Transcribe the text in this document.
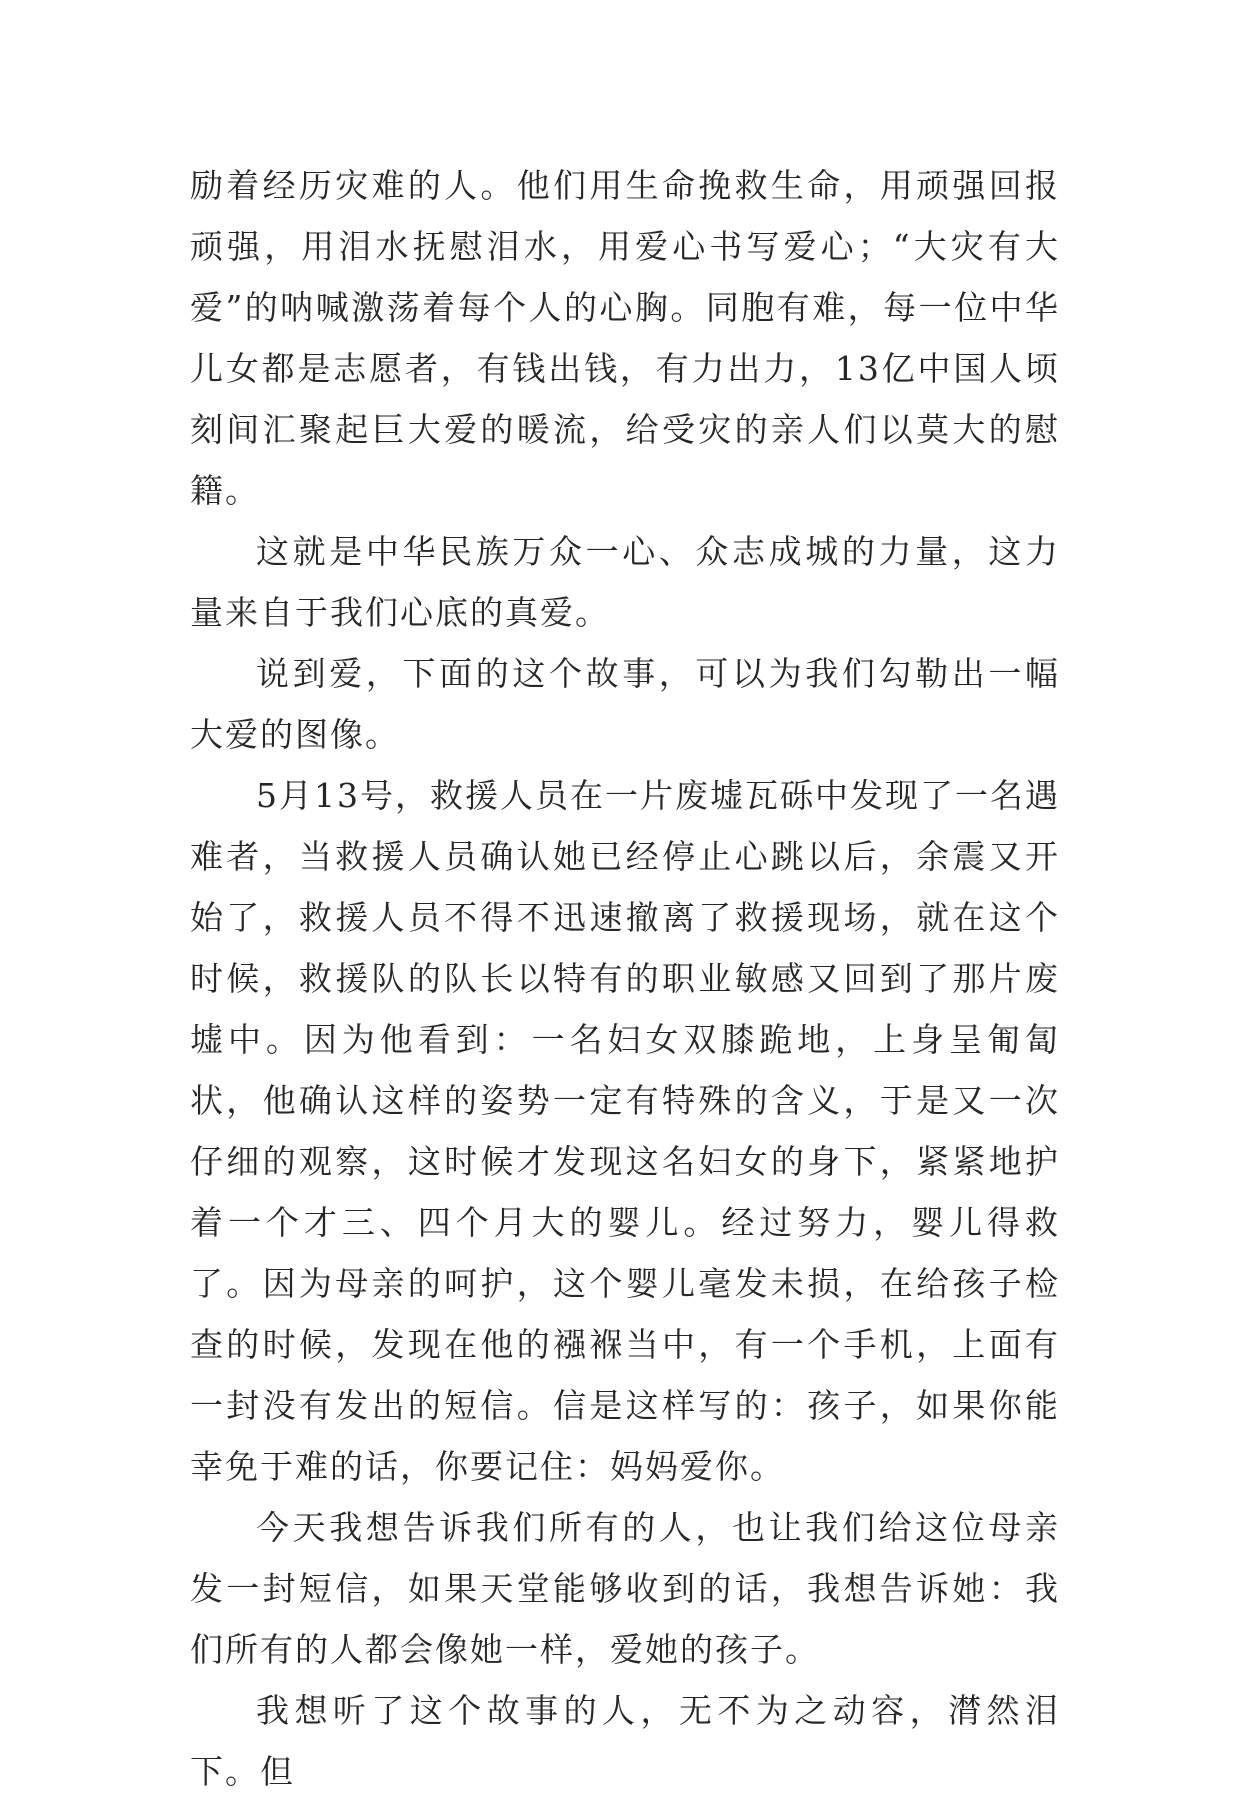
励着经历灾难的人。他们用生命挽救生命，用顽强回报顽强，用泪水抚慰泪水，用爱心书写爱心；“大灾有大爱”的呐喊激荡着每个人的心胸。同胞有难，每一位中华儿女都是志愿者，有钱出钱，有力出力，13亿中国人顷刻间汇聚起巨大爱的暖流，给受灾的亲人们以莫大的慰籍。

这就是中华民族万众一心、众志成城的力量，这力量来自于我们心底的真爱。

说到爱，下面的这个故事，可以为我们勾勒出一幅大爱的图像。

5月13号，救援人员在一片废墟瓦砾中发现了一名遇难者，当救援人员确认她已经停止心跳以后，余震又开始了，救援人员不得不迅速撤离了救援现场，就在这个时候，救援队的队长以特有的职业敏感又回到了那片废墟中。因为他看到：一名妇女双膝跪地，上身呈匍匐状，他确认这样的姿势一定有特殊的含义，于是又一次仔细的观察，这时候才发现这名妇女的身下，紧紧地护着一个才三、四个月大的婴儿。经过努力，婴儿得救了。因为母亲的呵护，这个婴儿毫发未损，在给孩子检查的时候，发现在他的襁褓当中，有一个手机，上面有一封没有发出的短信。信是这样写的：孩子，如果你能幸免于难的话，你要记住：妈妈爱你。

今天我想告诉我们所有的人，也让我们给这位母亲发一封短信，如果天堂能够收到的话，我想告诉她：我们所有的人都会像她一样，爱她的孩子。

我想听了这个故事的人，无不为之动容，潸然泪下。但
